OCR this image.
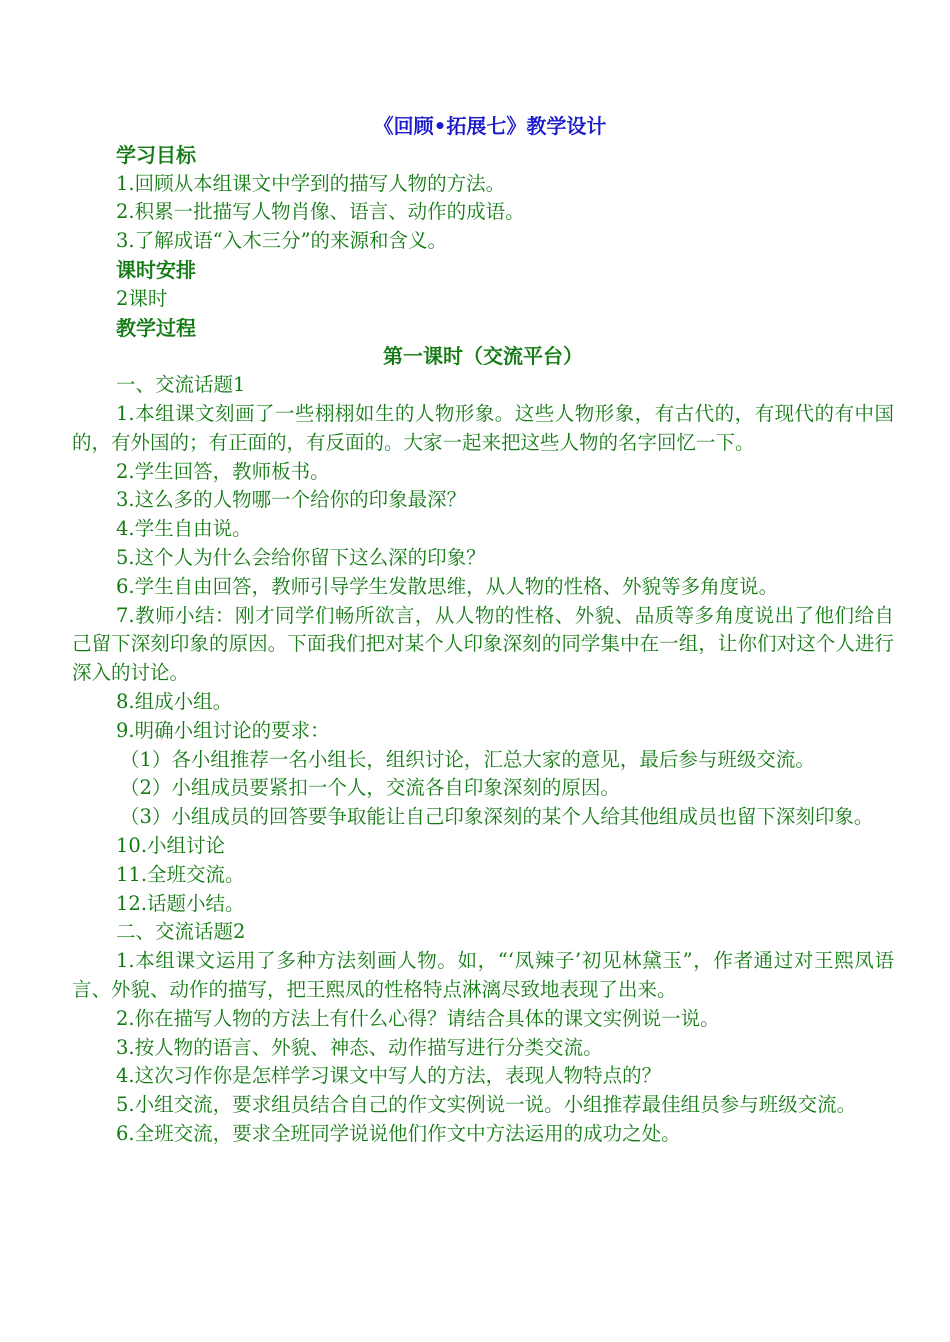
《回顾•拓展七》教学设计

学习目标

1.回顾从本组课文中学到的描写人物的方法。

2.积累一批描写人物肖像、语言、动作的成语。

3.了解成语“入木三分”的来源和含义。

课时安排

2课时

教学过程

第一课时（交流平台）

一、交流话题1

1.本组课文刻画了一些栩栩如生的人物形象。这些人物形象，有古代的，有现代的有中国的，有外国的；有正面的，有反面的。大家一起来把这些人物的名字回忆一下。

2.学生回答，教师板书。

3.这么多的人物哪一个给你的印象最深？

4.学生自由说。

5.这个人为什么会给你留下这么深的印象？

6.学生自由回答，教师引导学生发散思维，从人物的性格、外貌等多角度说。

7.教师小结：刚才同学们畅所欲言，从人物的性格、外貌、品质等多角度说出了他们给自己留下深刻印象的原因。下面我们把对某个人印象深刻的同学集中在一组，让你们对这个人进行深入的讨论。

8.组成小组。

9.明确小组讨论的要求：

（1）各小组推荐一名小组长，组织讨论，汇总大家的意见，最后参与班级交流。

（2）小组成员要紧扣一个人，交流各自印象深刻的原因。

（3）小组成员的回答要争取能让自己印象深刻的某个人给其他组成员也留下深刻印象。

10.小组讨论

11.全班交流。

12.话题小结。

二、交流话题2

1.本组课文运用了多种方法刻画人物。如，“‘凤辣子’初见林黛玉”，作者通过对王熙凤语言、外貌、动作的描写，把王熙凤的性格特点淋漓尽致地表现了出来。

2.你在描写人物的方法上有什么心得？请结合具体的课文实例说一说。

3.按人物的语言、外貌、神态、动作描写进行分类交流。

4.这次习作你是怎样学习课文中写人的方法，表现人物特点的？

5.小组交流，要求组员结合自己的作文实例说一说。小组推荐最佳组员参与班级交流。

6.全班交流，要求全班同学说说他们作文中方法运用的成功之处。
